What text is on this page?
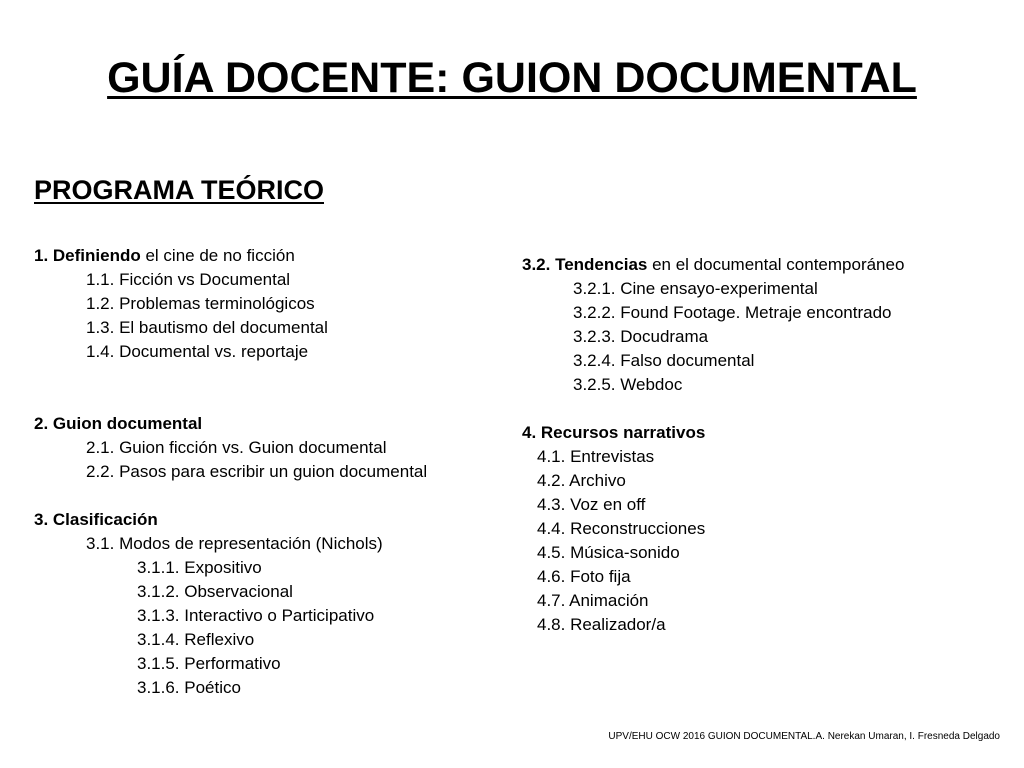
GUÍA DOCENTE: GUION DOCUMENTAL
PROGRAMA TEÓRICO
1. Definiendo el cine de no ficción
1.1. Ficción vs Documental
1.2. Problemas terminológicos
1.3. El bautismo del documental
1.4. Documental vs. reportaje
2. Guion documental
2.1. Guion ficción vs. Guion documental
2.2. Pasos para escribir un guion documental
3. Clasificación
3.1. Modos de representación (Nichols)
3.1.1. Expositivo
3.1.2. Observacional
3.1.3. Interactivo o Participativo
3.1.4. Reflexivo
3.1.5. Performativo
3.1.6. Poético
3.2. Tendencias en el documental contemporáneo
3.2.1. Cine ensayo-experimental
3.2.2. Found Footage. Metraje encontrado
3.2.3. Docudrama
3.2.4. Falso documental
3.2.5. Webdoc
4. Recursos narrativos
4.1. Entrevistas
4.2. Archivo
4.3. Voz en off
4.4. Reconstrucciones
4.5. Música-sonido
4.6. Foto fija
4.7. Animación
4.8. Realizador/a
UPV/EHU OCW 2016 GUION DOCUMENTAL.A. Nerekan Umaran, I. Fresneda Delgado
